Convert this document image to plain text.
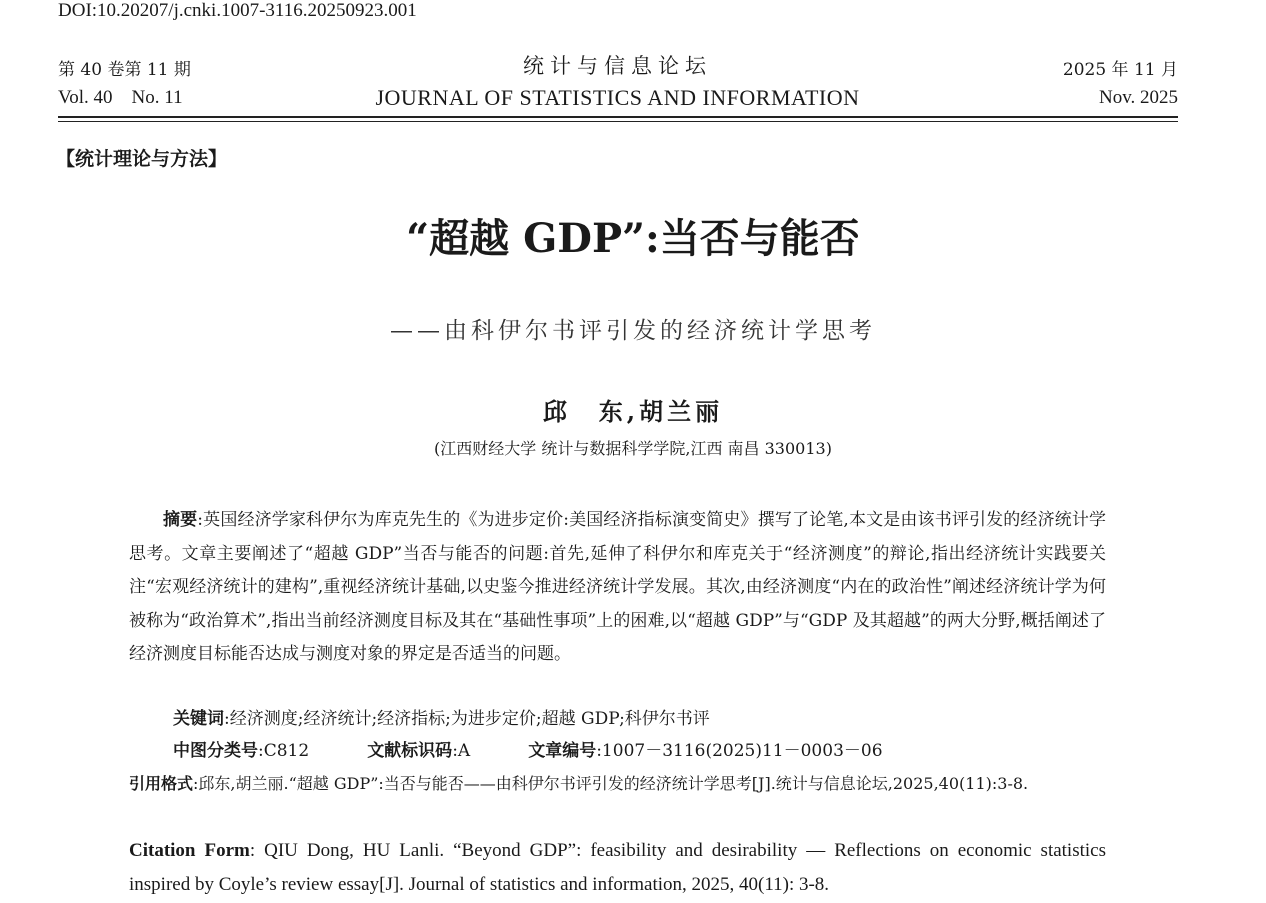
DOI:10.20207/j.cnki.1007-3116.20250923.001
第 40 卷第 11 期
Vol. 40    No. 11
统计与信息论坛
JOURNAL OF STATISTICS AND INFORMATION
2025 年 11 月
Nov. 2025
【统计理论与方法】
“超越 GDP”:当否与能否
——由科伊尔书评引发的经济统计学思考
邱　东,胡兰丽
(江西财经大学 统计与数据科学学院,江西 南昌 330013)
摘要:英国经济学家科伊尔为库克先生的《为进步定价:美国经济指标演变简史》撰写了论笔,本文是由该书评引发的经济统计学思考。文章主要阐述了“超越 GDP”当否与能否的问题:首先,延伸了科伊尔和库克关于“经济测度”的辩论,指出经济统计实践要关注“宏观经济统计的建构”,重视经济统计基础,以史鉴今推进经济统计学发展。其次,由经济测度“内在的政治性”阐述经济统计学为何被称为“政治算术”,指出当前经济测度目标及其在“基础性事项”上的困难,以“超越 GDP”与“GDP 及其超越”的两大分野,概括阐述了经济测度目标能否达成与测度对象的界定是否适当的问题。
关键词:经济测度;经济统计;经济指标;为进步定价;超越 GDP;科伊尔书评
中图分类号:C812	文献标识码:A	文章编号:1007－3116(2025)11－0003－06
引用格式:邱东,胡兰丽.“超越 GDP”:当否与能否——由科伊尔书评引发的经济统计学思考[J].统计与信息论坛,2025,40(11):3-8.
Citation Form: QIU Dong, HU Lanli. “Beyond GDP”: feasibility and desirability — Reflections on economic statistics inspired by Coyle’s review essay[J]. Journal of statistics and information, 2025, 40(11): 3-8.
